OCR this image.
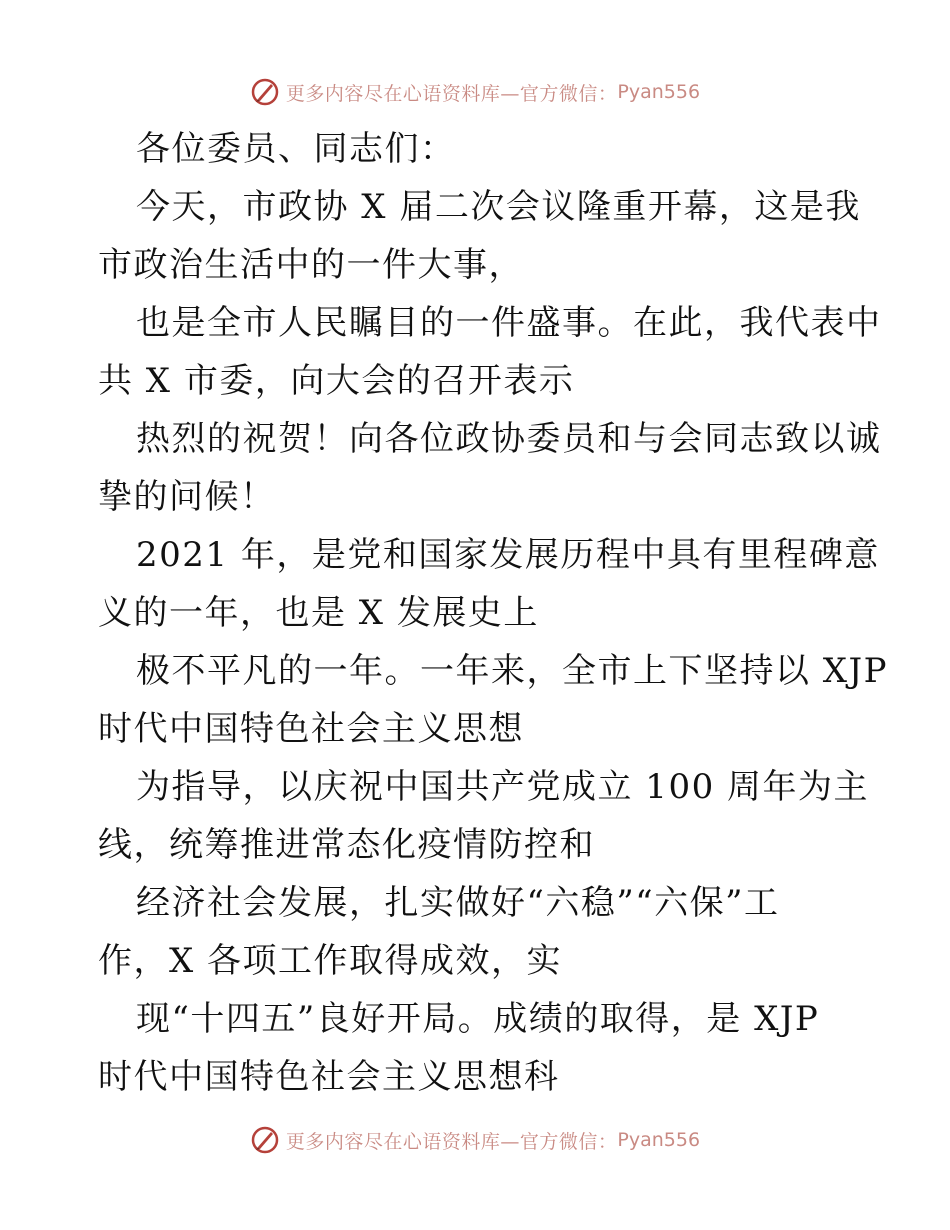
更多内容尽在心语资料库—官方微信： Pyan556

各位委员、同志们：

今天，市政协 X 届二次会议隆重开幕，这是我

市政治生活中的一件大事，

也是全市人民瞩目的一件盛事。在此，我代表中

共 X 市委，向大会的召开表示

热烈的祝贺！向各位政协委员和与会同志致以诚

挚的问候！

2021 年，是党和国家发展历程中具有里程碑意

义的一年，也是 X 发展史上

极不平凡的一年。一年来，全市上下坚持以 XJP

时代中国特色社会主义思想

为指导，以庆祝中国共产党成立 100 周年为主

线，统筹推进常态化疫情防控和

经济社会发展，扎实做好“六稳”“六保”工

作，X 各项工作取得成效，实

现“十四五”良好开局。成绩的取得，是 XJP

时代中国特色社会主义思想科

更多内容尽在心语资料库—官方微信： Pyan556
